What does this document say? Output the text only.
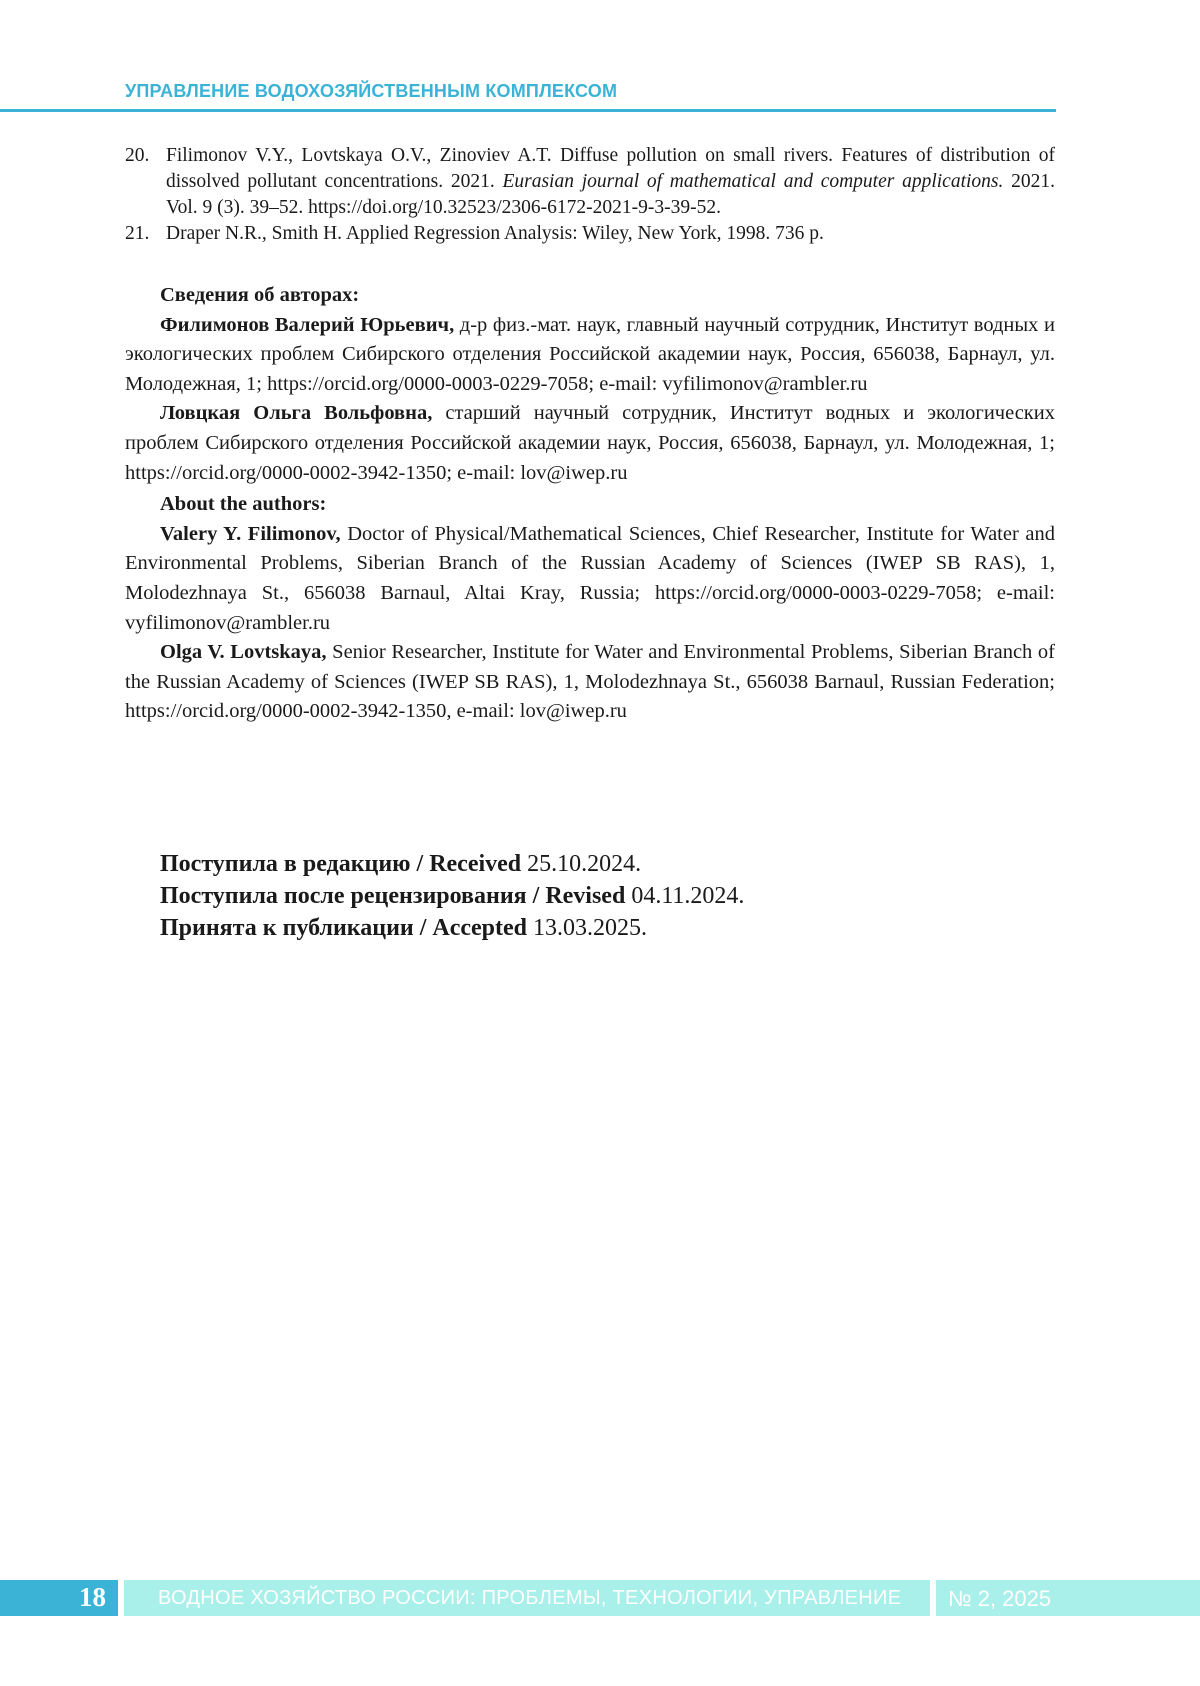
УПРАВЛЕНИЕ ВОДОХОЗЯЙСТВЕННЫМ КОМПЛЕКСОМ
20. Filimonov V.Y., Lovtskaya O.V., Zinoviev A.T. Diffuse pollution on small rivers. Features of distribution of dissolved pollutant concentrations. 2021. Eurasian journal of mathematical and computer applications. 2021. Vol. 9 (3). 39–52. https://doi.org/10.32523/2306-6172-2021-9-3-39-52.
21. Draper N.R., Smith H. Applied Regression Analysis: Wiley, New York, 1998. 736 p.
Сведения об авторах:
Филимонов Валерий Юрьевич, д-р физ.-мат. наук, главный научный сотрудник, Институт водных и экологических проблем Сибирского отделения Российской академии наук, Россия, 656038, Барнаул, ул. Молодежная, 1; https://orcid.org/0000-0003-0229-7058; e-mail: vyfilimonov@rambler.ru
Ловцкая Ольга Вольфовна, старший научный сотрудник, Институт водных и экологических проблем Сибирского отделения Российской академии наук, Россия, 656038, Барнаул, ул. Молодежная, 1; https://orcid.org/0000-0002-3942-1350; e-mail: lov@iwep.ru
About the authors:
Valery Y. Filimonov, Doctor of Physical/Mathematical Sciences, Chief Researcher, Institute for Water and Environmental Problems, Siberian Branch of the Russian Academy of Sciences (IWEP SB RAS), 1, Molodezhnaya St., 656038 Barnaul, Altai Kray, Russia; https://orcid.org/0000-0003-0229-7058; e-mail: vyfilimonov@rambler.ru
Olga V. Lovtskaya, Senior Researcher, Institute for Water and Environmental Problems, Siberian Branch of the Russian Academy of Sciences (IWEP SB RAS), 1, Molodezhnaya St., 656038 Barnaul, Russian Federation; https://orcid.org/0000-0002-3942-1350, e-mail: lov@iwep.ru
Поступила в редакцию / Received 25.10.2024.
Поступила после рецензирования / Revised 04.11.2024.
Принята к публикации / Accepted 13.03.2025.
18	ВОДНОЕ ХОЗЯЙСТВО РОССИИ: ПРОБЛЕМЫ, ТЕХНОЛОГИИ, УПРАВЛЕНИЕ № 2, 2025
